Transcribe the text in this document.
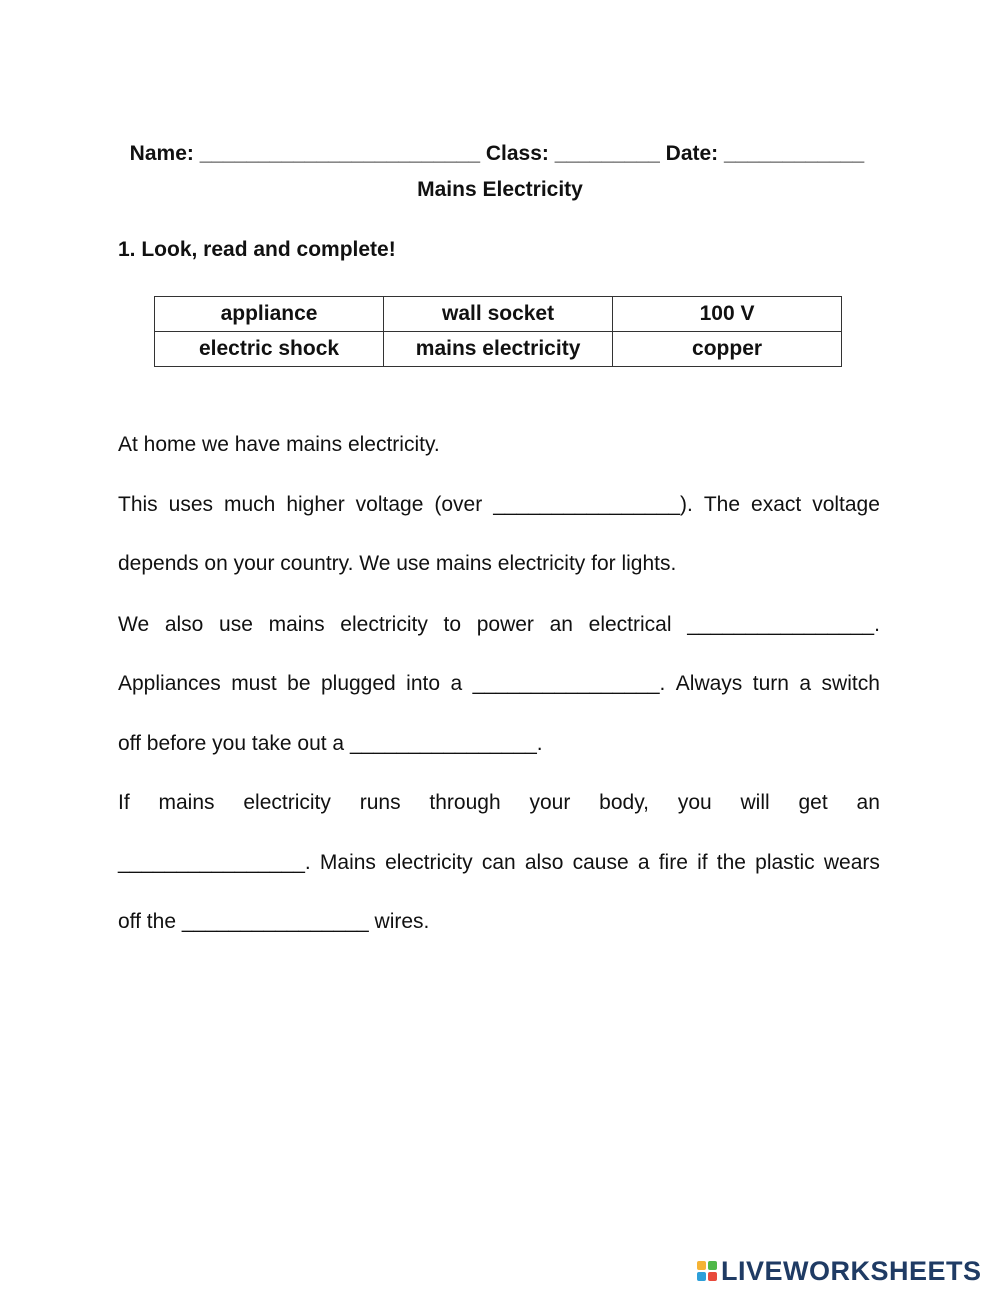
Name: ________________________ Class: _________ Date: ____________

Mains Electricity
1. Look, read and complete!
appliance	wall socket	100 V
electric shock	mains electricity	copper
At home we have mains electricity.
This uses much higher voltage (over ________________). The exact voltage
depends on your country. We use mains electricity for lights.
We also use mains electricity to power an electrical ________________.
Appliances must be plugged into a ________________. Always turn a switch
off before you take out a ________________.
If mains electricity runs through your body, you will get an
________________. Mains electricity can also cause a fire if the plastic wears
off the ________________ wires.
LIVEWORKSHEETS
